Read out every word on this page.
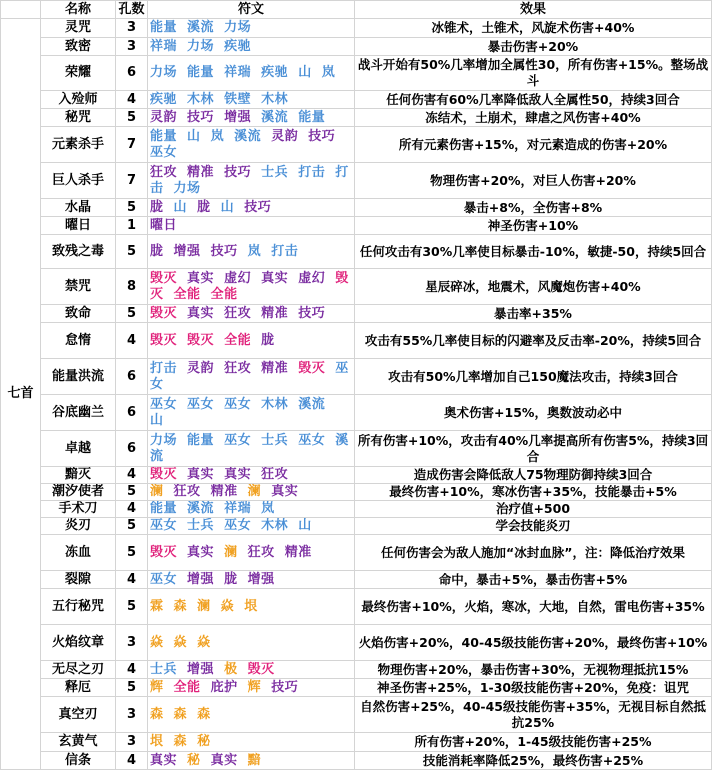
	名称	孔数	符文	效果
七首	灵咒	3	能量 溪流 力场	冰锥术，土锥术，风旋术伤害+40%
	致密	3	祥瑞 力场 疾驰	暴击伤害+20%
	荣耀	6	力场 能量 祥瑞 疾驰 山 岚	战斗开始有50%几率增加全属性30，所有伤害+15%。整场战斗
	入殓师	4	疾驰 木林 铁壁 木林	任何伤害有60%几率降低敌人全属性50，持续3回合
	秘咒	5	灵韵 技巧 增强 溪流 能量	冻结术，土崩术，肆虐之风伤害+40%
	元素杀手	7	能量 山 岚 溪流 灵韵 技巧 巫女	所有元素伤害+15%，对元素造成的伤害+20%
	巨人杀手	7	狂攻 精准 技巧 士兵 打击 打击 力场	物理伤害+20%，对巨人伤害+20%
	水晶	5	胧 山 胧 山 技巧	暴击+8%，全伤害+8%
	曜日	1	曜日	神圣伤害+10%
	致残之毒	5	胧 增强 技巧 岚 打击	任何攻击有30%几率使目标暴击-10%，敏捷-50，持续5回合
	禁咒	8	毁灭 真实 虚幻 真实 虚幻 毁灭 全能 全能	星辰碎冰，地震术，风魔炮伤害+40%
	致命	5	毁灭 真实 狂攻 精准 技巧	暴击率+35%
	怠惰	4	毁灭 毁灭 全能 胧	攻击有55%几率使目标的闪避率及反击率-20%，持续5回合
	能量洪流	6	打击 灵韵 狂攻 精准 毁灭 巫女	攻击有50%几率增加自己150魔法攻击，持续3回合
	谷底幽兰	6	巫女 巫女 巫女 木林 溪流 山	奥术伤害+15%，奥数波动必中
	卓越	6	力场 能量 巫女 士兵 巫女 溪流	所有伤害+10%，攻击有40%几率提高所有伤害5%，持续3回合
	黯灭	4	毁灭 真实 真实 狂攻	造成伤害会降低敌人75物理防御持续3回合
	潮汐使者	5	澜 狂攻 精准 澜 真实	最终伤害+10%，寒冰伤害+35%，技能暴击+5%
	手术刀	4	能量 溪流 祥瑞 岚	治疗值+500
	炎刃	5	巫女 士兵 巫女 木林 山	学会技能炎刃
	冻血	5	毁灭 真实 澜 狂攻 精准	任何伤害会为敌人施加“冰封血脉”，注：降低治疗效果
	裂隙	4	巫女 增强 胧 增强	命中，暴击+5%，暴击伤害+5%
	五行秘咒	5	霖 森 澜 焱 垠	最终伤害+10%，火焰，寒冰，大地，自然，雷电伤害+35%
	火焰纹章	3	焱 焱 焱	火焰伤害+20%，40-45级技能伤害+20%，最终伤害+10%
	无尽之刃	4	士兵 增强 极 毁灭	物理伤害+20%，暴击伤害+30%，无视物理抵抗15%
	释厄	5	辉 全能 庇护 辉 技巧	神圣伤害+25%，1-30级技能伤害+20%，免疫：诅咒
	真空刃	3	森 森 森	自然伤害+25%，40-45级技能伤害+35%，无视目标自然抵抗25%
	玄黄气	3	垠 森 秘	所有伤害+20%，1-45级技能伤害+25%
	信条	4	真实 秘 真实 黯	技能消耗率降低25%，最终伤害+25%
